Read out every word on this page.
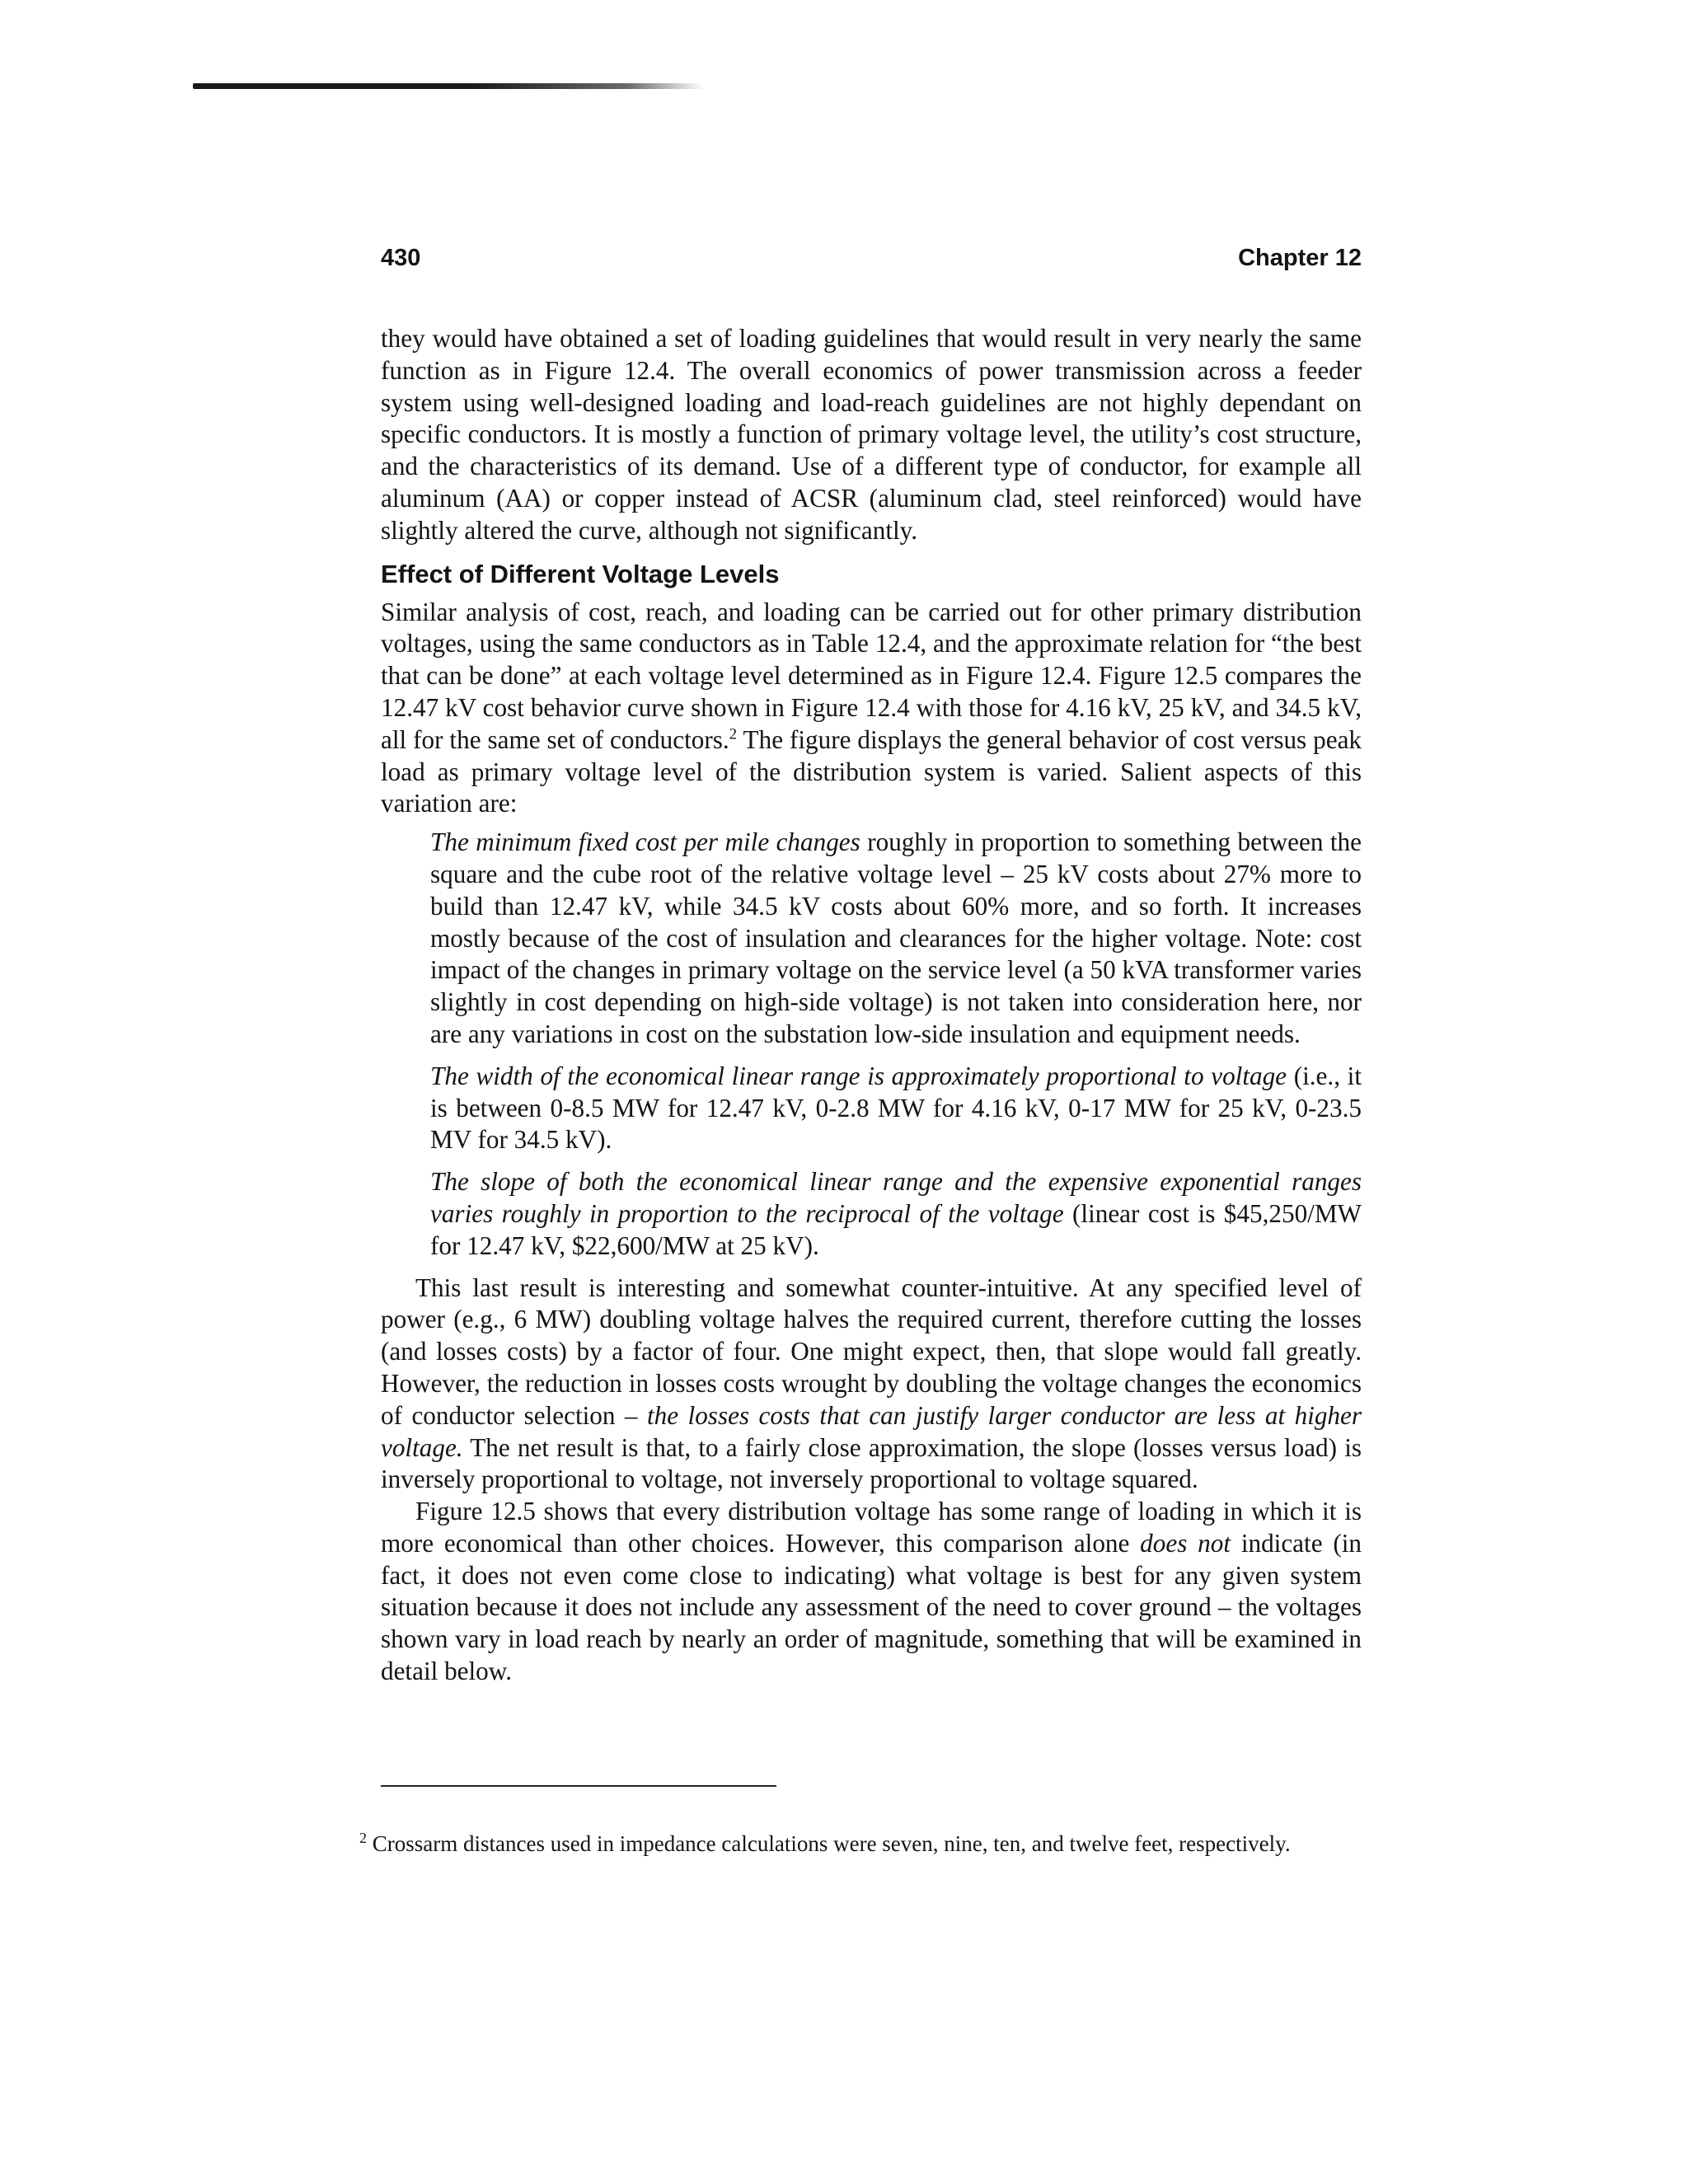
430	Chapter 12

they would have obtained a set of loading guidelines that would result in very nearly the same function as in Figure 12.4. The overall economics of power transmission across a feeder system using well-designed loading and load-reach guidelines are not highly dependant on specific conductors. It is mostly a function of primary voltage level, the utility’s cost structure, and the characteristics of its demand. Use of a different type of conductor, for example all aluminum (AA) or copper instead of ACSR (aluminum clad, steel reinforced) would have slightly altered the curve, although not significantly.

Effect of Different Voltage Levels

Similar analysis of cost, reach, and loading can be carried out for other primary distribution voltages, using the same conductors as in Table 12.4, and the approximate relation for “the best that can be done” at each voltage level determined as in Figure 12.4. Figure 12.5 compares the 12.47 kV cost behavior curve shown in Figure 12.4 with those for 4.16 kV, 25 kV, and 34.5 kV, all for the same set of conductors.$^2$ The figure displays the general behavior of cost versus peak load as primary voltage level of the distribution system is varied. Salient aspects of this variation are:

The minimum fixed cost per mile changes roughly in proportion to something between the square and the cube root of the relative voltage level – 25 kV costs about 27% more to build than 12.47 kV, while 34.5 kV costs about 60% more, and so forth. It increases mostly because of the cost of insulation and clearances for the higher voltage. Note: cost impact of the changes in primary voltage on the service level (a 50 kVA transformer varies slightly in cost depending on high-side voltage) is not taken into consideration here, nor are any variations in cost on the substation low-side insulation and equipment needs.

The width of the economical linear range is approximately proportional to voltage (i.e., it is between 0-8.5 MW for 12.47 kV, 0-2.8 MW for 4.16 kV, 0-17 MW for 25 kV, 0-23.5 MV for 34.5 kV).

The slope of both the economical linear range and the expensive exponential ranges varies roughly in proportion to the reciprocal of the voltage (linear cost is $45,250/MW for 12.47 kV, $22,600/MW at 25 kV).

This last result is interesting and somewhat counter-intuitive. At any specified level of power (e.g., 6 MW) doubling voltage halves the required current, therefore cutting the losses (and losses costs) by a factor of four. One might expect, then, that slope would fall greatly. However, the reduction in losses costs wrought by doubling the voltage changes the economics of conductor selection – the losses costs that can justify larger conductor are less at higher voltage. The net result is that, to a fairly close approximation, the slope (losses versus load) is inversely proportional to voltage, not inversely proportional to voltage squared.

Figure 12.5 shows that every distribution voltage has some range of loading in which it is more economical than other choices. However, this comparison alone does not indicate (in fact, it does not even come close to indicating) what voltage is best for any given system situation because it does not include any assessment of the need to cover ground – the voltages shown vary in load reach by nearly an order of magnitude, something that will be examined in detail below.

$^2$ Crossarm distances used in impedance calculations were seven, nine, ten, and twelve feet, respectively.
